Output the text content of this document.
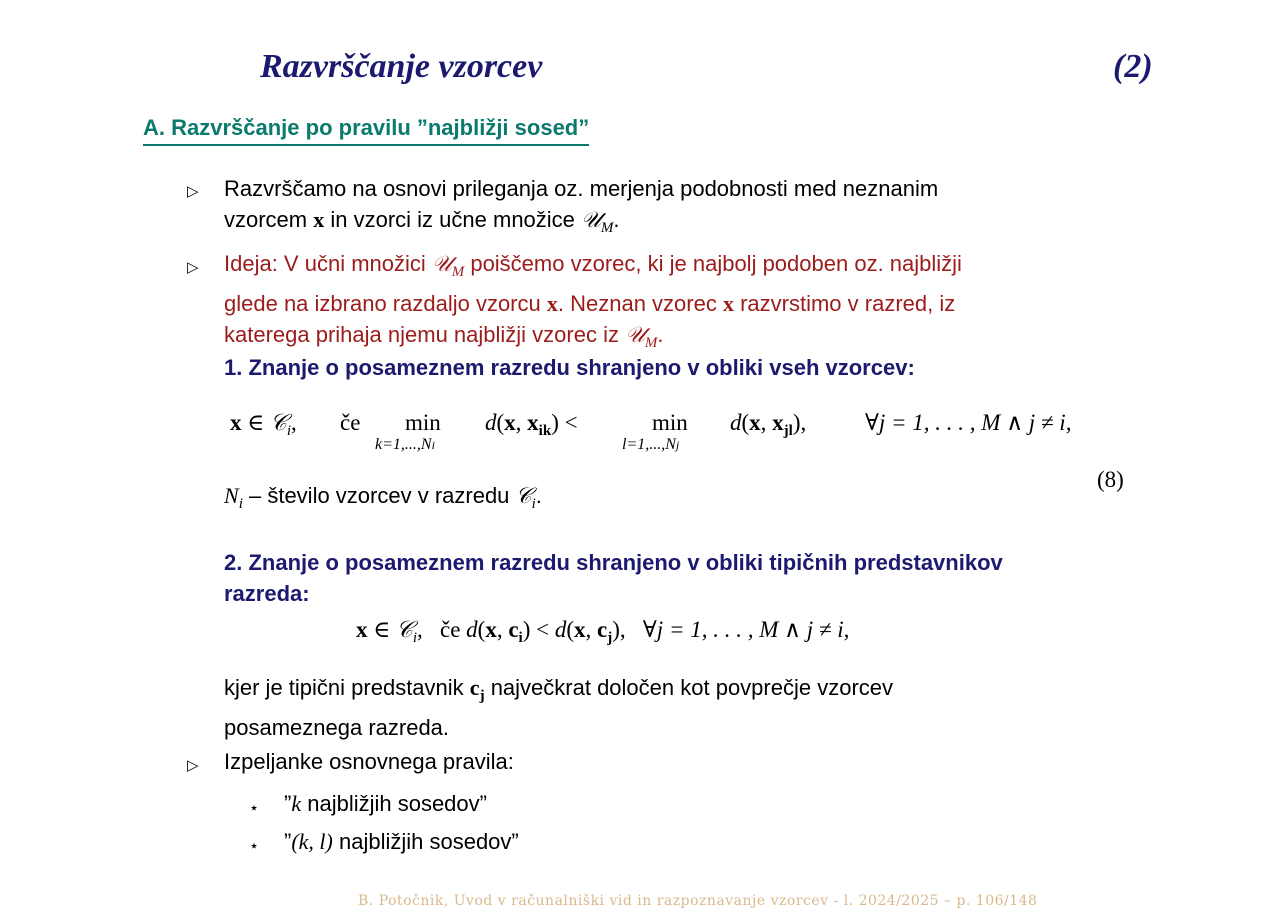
Razvrščanje vzorcev	(2)
A. Razvrščanje po pravilu ”najbližji sosed”
▷ Razvrščamo na osnovi prileganja oz. merjenja podobnosti med neznanim
vzorcem x in vzorci iz učne množice 𝒰$_M$.
▷ Ideja: V učni množici 𝒰$_M$ poiščemo vzorec, ki je najbolj podoben oz. najbližji
glede na izbrano razdaljo vzorcu x. Neznan vzorec x razvrstimo v razred, iz
katerega prihaja njemu najbližji vzorec iz 𝒰$_M$.
1. Znanje o posameznem razredu shranjeno v obliki vseh vzorcev:
x ∈ 𝒞$_i$, če min
k=1,...,Ni
d(x, $x_{ik}$) <	min
l=1,...,Nj
d(x, $x_{jl}$),	∀j = 1, . . . , M ∧ j ≠ i,
(8)
$N_i$ – število vzorcev v razredu 𝒞$_i$.
2. Znanje o posameznem razredu shranjeno v obliki tipičnih predstavnikov
razreda:
x ∈ 𝒞$_i$,   če d(x, $c_i) < d(x$, $c_j$), ∀j = 1, . . . , M ∧ j ≠ i,
kjer je tipični predstavnik $c_j$ največkrat določen kot povprečje vzorcev
posameznega razreda.
▷ Izpeljanke osnovnega pravila:
⋆ ”k najbližjih sosedov”
⋆ ”(k, l) najbližjih sosedov”
B. Potočnik, Uvod v računalniški vid in razpoznavanje vzorcev - l. 2024/2025 – p. 106/148
